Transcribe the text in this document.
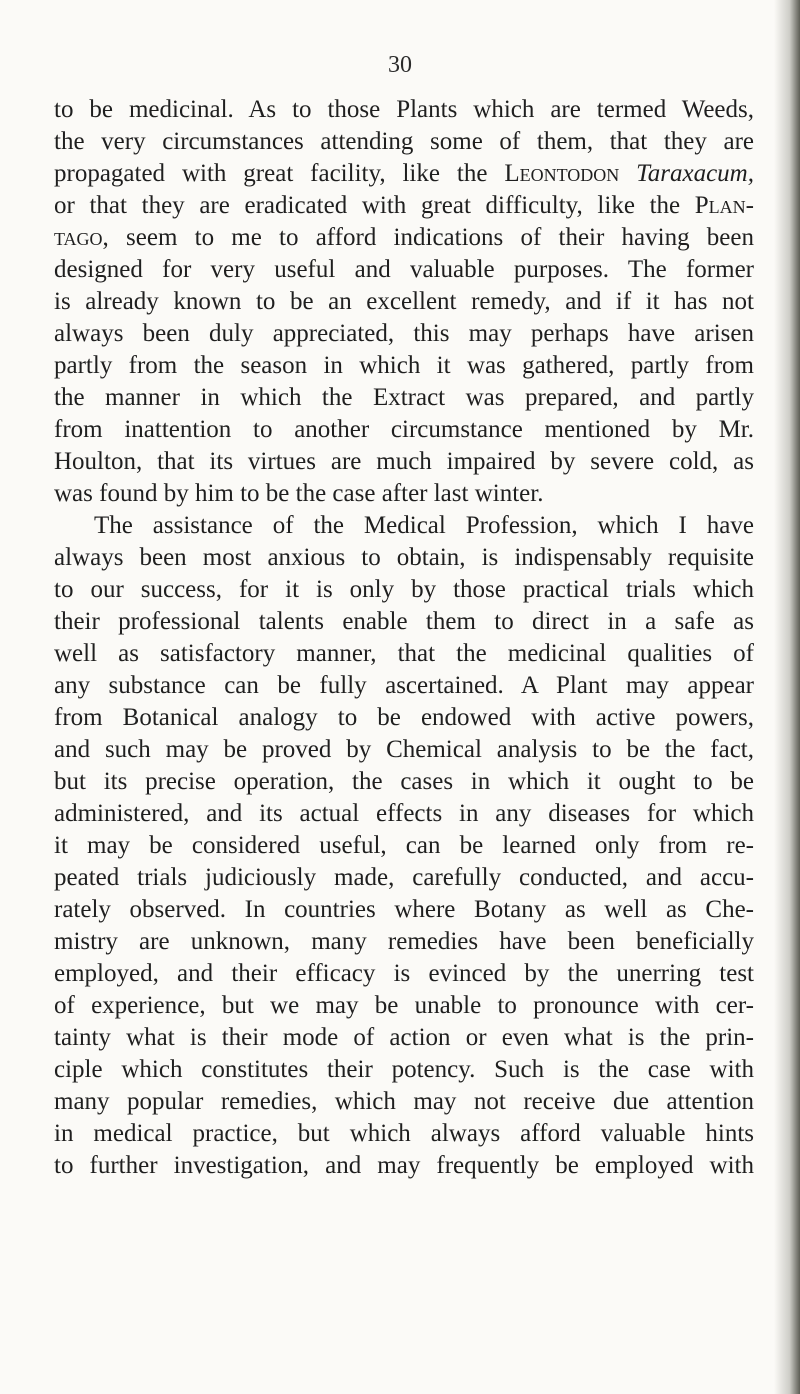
30

to be medicinal. As to those Plants which are termed Weeds,
the very circumstances attending some of them, that they are
propagated with great facility, like the Leontodon Taraxacum,
or that they are eradicated with great difficulty, like the Plan-
tago, seem to me to afford indications of their having been
designed for very useful and valuable purposes. The former
is already known to be an excellent remedy, and if it has not
always been duly appreciated, this may perhaps have arisen
partly from the season in which it was gathered, partly from
the manner in which the Extract was prepared, and partly
from inattention to another circumstance mentioned by Mr.
Houlton, that its virtues are much impaired by severe cold, as
was found by him to be the case after last winter.

The assistance of the Medical Profession, which I have
always been most anxious to obtain, is indispensably requisite
to our success, for it is only by those practical trials which
their professional talents enable them to direct in a safe as
well as satisfactory manner, that the medicinal qualities of
any substance can be fully ascertained. A Plant may appear
from Botanical analogy to be endowed with active powers,
and such may be proved by Chemical analysis to be the fact,
but its precise operation, the cases in which it ought to be
administered, and its actual effects in any diseases for which
it may be considered useful, can be learned only from re-
peated trials judiciously made, carefully conducted, and accu-
rately observed. In countries where Botany as well as Che-
mistry are unknown, many remedies have been beneficially
employed, and their efficacy is evinced by the unerring test
of experience, but we may be unable to pronounce with cer-
tainty what is their mode of action or even what is the prin-
ciple which constitutes their potency. Such is the case with
many popular remedies, which may not receive due attention
in medical practice, but which always afford valuable hints
to further investigation, and may frequently be employed with
